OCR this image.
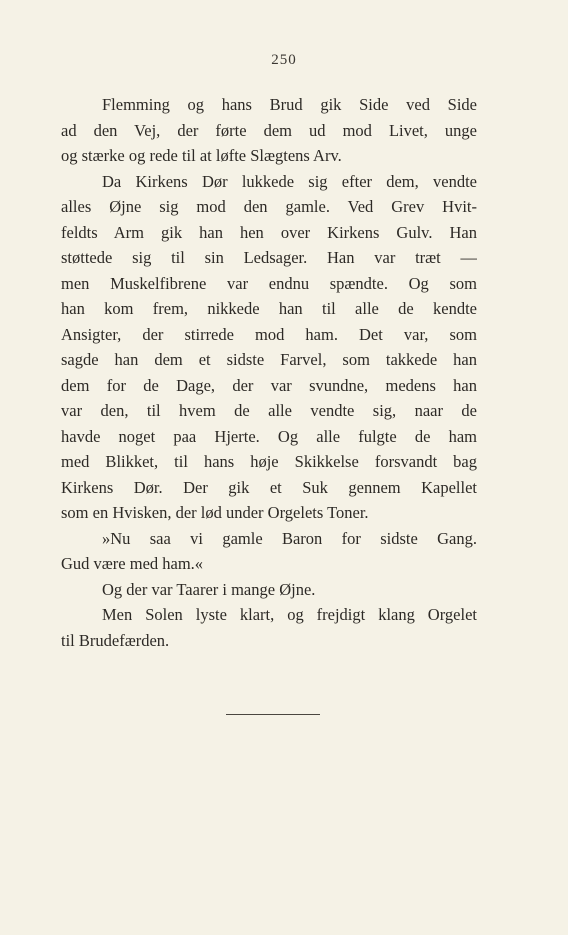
250
Flemming og hans Brud gik Side ved Side
ad den Vej, der førte dem ud mod Livet, unge
og stærke og rede til at løfte Slægtens Arv.
Da Kirkens Dør lukkede sig efter dem, vendte
alles Øjne sig mod den gamle. Ved Grev Hvit-
feldts Arm gik han hen over Kirkens Gulv. Han
støttede sig til sin Ledsager. Han var træt —
men Muskelfibrene var endnu spændte. Og som
han kom frem, nikkede han til alle de kendte
Ansigter, der stirrede mod ham. Det var, som
sagde han dem et sidste Farvel, som takkede han
dem for de Dage, der var svundne, medens han
var den, til hvem de alle vendte sig, naar de
havde noget paa Hjerte. Og alle fulgte de ham
med Blikket, til hans høje Skikkelse forsvandt bag
Kirkens Dør. Der gik et Suk gennem Kapellet
som en Hvisken, der lød under Orgelets Toner.
»Nu saa vi gamle Baron for sidste Gang.
Gud være med ham.«
Og der var Taarer i mange Øjne.
Men Solen lyste klart, og frejdigt klang Orgelet
til Brudefærden.
